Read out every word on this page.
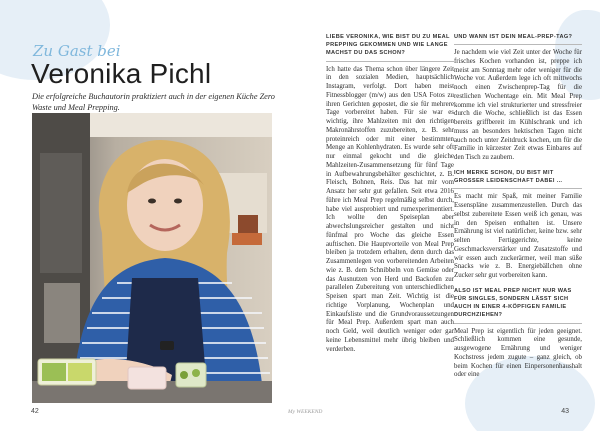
Zu Gast bei
Veronika Pichl
Die erfolgreiche Buchautorin praktiziert auch in der eigenen Küche Zero Waste und Meal Prepping.
42	My WEEKEND	43
LIEBE VERONIKA, WIE BIST DU ZU MEAL PREPPING GEKOMMEN UND WIE LANGE MACHST DU DAS SCHON?
Ich hatte das Thema schon über längere Zeit in den sozialen Medien, hauptsächlich Instagram, verfolgt. Dort haben meist Fitnessblogger (m/w) aus den USA Fotos zu ihren Gerichten gepostet, die sie für mehrere Tage vorbereitet haben. Für sie war es wichtig, ihre Mahlzeiten mit den richtigen Makronährstoffen zuzubereiten, z. B. sehr proteinreich oder mit einer bestimmten Menge an Kohlenhydraten. Es wurde sehr oft nur einmal gekocht und die gleiche Mahlzeiten-Zusammensetzung für fünf Tage in Aufbewahrungsbehälter geschichtet, z. B. Fleisch, Bohnen, Reis. Das hat mir vom Ansatz her sehr gut gefallen. Seit etwa 2016 führe ich Meal Prep regelmäßig selbst durch, habe viel ausprobiert und rumexperimentiert. Ich wollte den Speiseplan aber abwechslungsreicher gestalten und nicht fünfmal pro Woche das gleiche Essen auftischen. Die Hauptvorteile von Meal Prep bleiben ja trotzdem erhalten, denn durch das Zusammenlegen von vorbereitenden Arbeiten wie z. B. dem Schnibbeln von Gemüse oder das Ausnutzen von Herd und Backofen zur parallelen Zubereitung von unterschiedlichen Speisen spart man Zeit. Wichtig ist die richtige Vorplanung, Wochenplan und Einkaufsliste und die Grundvoraussetzungen für Meal Prep. Außerdem spart man auch noch Geld, weil deutlich weniger oder gar keine Lebensmittel mehr übrig bleiben und verderben.
UND WANN IST DEIN MEAL-PREP-TAG?
Je nachdem wie viel Zeit unter der Woche für frisches Kochen vorhanden ist, preppe ich meist am Sonntag mehr oder weniger für die Woche vor. Außerdem lege ich oft mittwochs noch einen Zwischenprep-Tag für die restlichen Wochentage ein. Mit Meal Prep komme ich viel strukturierter und stressfreier durch die Woche, schließlich ist das Essen bereits griffbereit im Kühlschrank und ich muss an besonders hektischen Tagen nicht auch noch unter Zeitdruck kochen, um für die Familie in kürzester Zeit etwas Einbares auf den Tisch zu zaubern.
ICH MERKE SCHON, DU BIST MIT GROSSER LEIDENSCHAFT DABEI …
Es macht mir Spaß, mit meiner Familie Essenspläne zusammenzustellen. Durch das selbst zubereitete Essen weiß ich genau, was in den Speisen enthalten ist. Unsere Ernährung ist viel natürlicher, keine bzw. sehr selten Fertiggerichte, keine Geschmacksverstärker und Zusatzstoffe und wir essen auch zuckerärmer, weil man süße Snacks wie z. B. Energiebällchen ohne Zucker sehr gut vorbereiten kann.
ALSO IST MEAL PREP NICHT NUR WAS FÜR SINGLES, SONDERN LÄSST SICH AUCH IN EINER 4-KÖPFIGEN FAMILIE DURCHZIEHEN?
Meal Prep ist eigentlich für jeden geeignet. Schließlich kommen eine gesunde, ausgewogene Ernährung und weniger Kochstress jedem zugute – ganz gleich, ob beim Kochen für einen Einpersonenhaushalt oder eine
